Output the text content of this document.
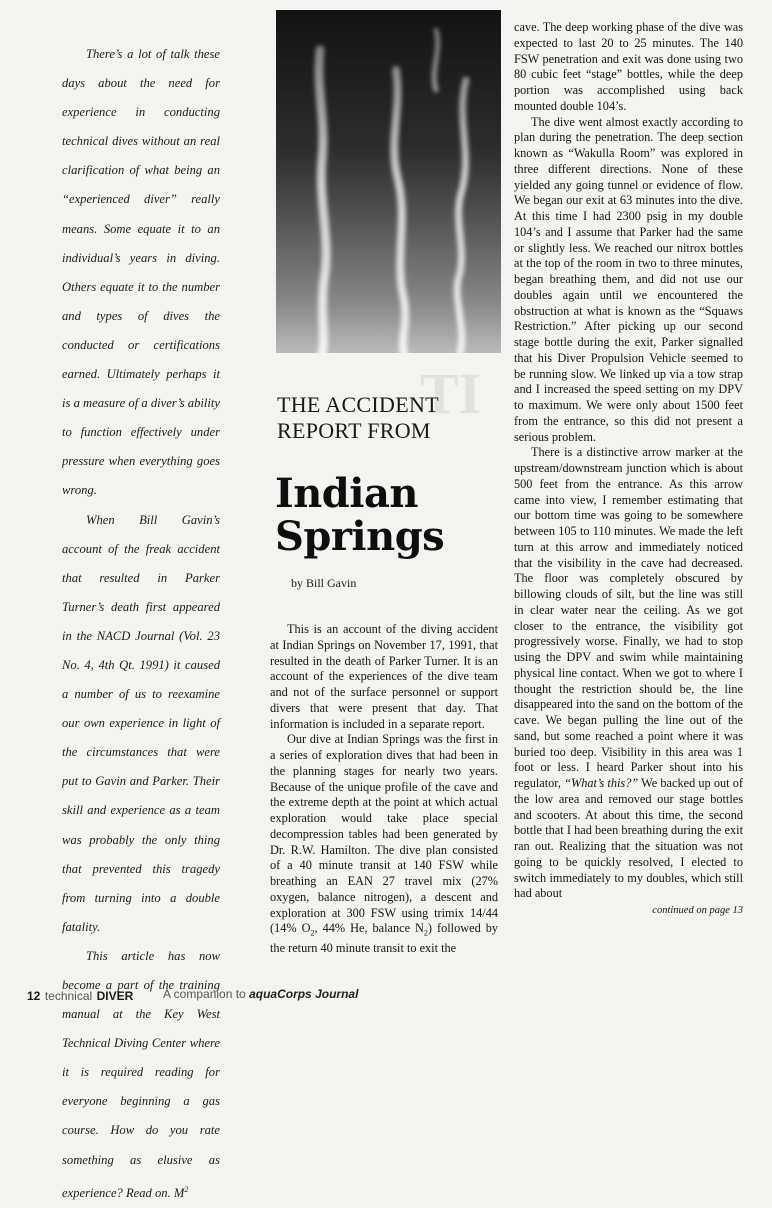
TI

There’s a lot of talk these days about the need for experience in conducting technical dives without an real clarification of what being an “experienced diver” really means. Some equate it to an individual’s years in diving. Others equate it to the number and types of dives the conducted or certifications earned. Ultimately perhaps it is a measure of a diver’s ability to function effectively under pressure when everything goes wrong.

When Bill Gavin’s account of the freak accident that resulted in Parker Turner’s death first appeared in the NACD Journal (Vol. 23 No. 4, 4th Qt. 1991) it caused a number of us to reexamine our own experience in light of the circumstances that were put to Gavin and Parker. Their skill and experience as a team was probably the only thing that prevented this tragedy from turning into a double fatality.

This article has now become a part of the training manual at the Key West Technical Diving Center where it is required reading for everyone beginning a gas course. How do you rate something as elusive as experience? Read on. $M^2$

THE ACCIDENT REPORT FROM
Indian
Springs
by Bill Gavin

This is an account of the diving accident at Indian Springs on November 17, 1991, that resulted in the death of Parker Turner. It is an account of the experiences of the dive team and not of the surface personnel or support divers that were present that day. That information is included in a separate report.

Our dive at Indian Springs was the first in a series of exploration dives that had been in the planning stages for nearly two years. Because of the unique profile of the cave and the extreme depth at the point at which actual exploration would take place special decompression tables had been generated by Dr. R.W. Hamilton. The dive plan consisted of a 40 minute transit at 140 FSW while breathing an EAN 27 travel mix (27% oxygen, balance nitrogen), a descent and exploration at 300 FSW using trimix 14/44 (14% $O_2$, 44% He, balance $N_2$) followed by the return 40 minute transit to exit the

cave. The deep working phase of the dive was expected to last 20 to 25 minutes. The 140 FSW penetration and exit was done using two 80 cubic feet “stage” bottles, while the deep portion was accomplished using back mounted double 104’s.

The dive went almost exactly according to plan during the penetration. The deep section known as “Wakulla Room” was explored in three different directions. None of these yielded any going tunnel or evidence of flow. We began our exit at 63 minutes into the dive. At this time I had 2300 psig in my double 104’s and I assume that Parker had the same or slightly less. We reached our nitrox bottles at the top of the room in two to three minutes, began breathing them, and did not use our doubles again until we encountered the obstruction at what is known as the “Squaws Restriction.” After picking up our second stage bottle during the exit, Parker signalled that his Diver Propulsion Vehicle seemed to be running slow. We linked up via a tow strap and I increased the speed setting on my DPV to maximum. We were only about 1500 feet from the entrance, so this did not present a serious problem.

There is a distinctive arrow marker at the upstream/downstream junction which is about 500 feet from the entrance. As this arrow came into view, I remember estimating that our bottom time was going to be somewhere between 105 to 110 minutes. We made the left turn at this arrow and immediately noticed that the visibility in the cave had decreased. The floor was completely obscured by billowing clouds of silt, but the line was still in clear water near the ceiling. As we got closer to the entrance, the visibility got progressively worse. Finally, we had to stop using the DPV and swim while maintaining physical line contact. When we got to where I thought the restriction should be, the line disappeared into the sand on the bottom of the cave. We began pulling the line out of the sand, but some reached a point where it was buried too deep. Visibility in this area was 1 foot or less. I heard Parker shout into his regulator, “What’s this?” We backed up out of the low area and removed our stage bottles and scooters. At about this time, the second bottle that I had been breathing during the exit ran out. Realizing that the situation was not going to be quickly resolved, I elected to switch immediately to my doubles, which still had about

continued on page 13
12 technical DIVER A companion to aquaCorps Journal
